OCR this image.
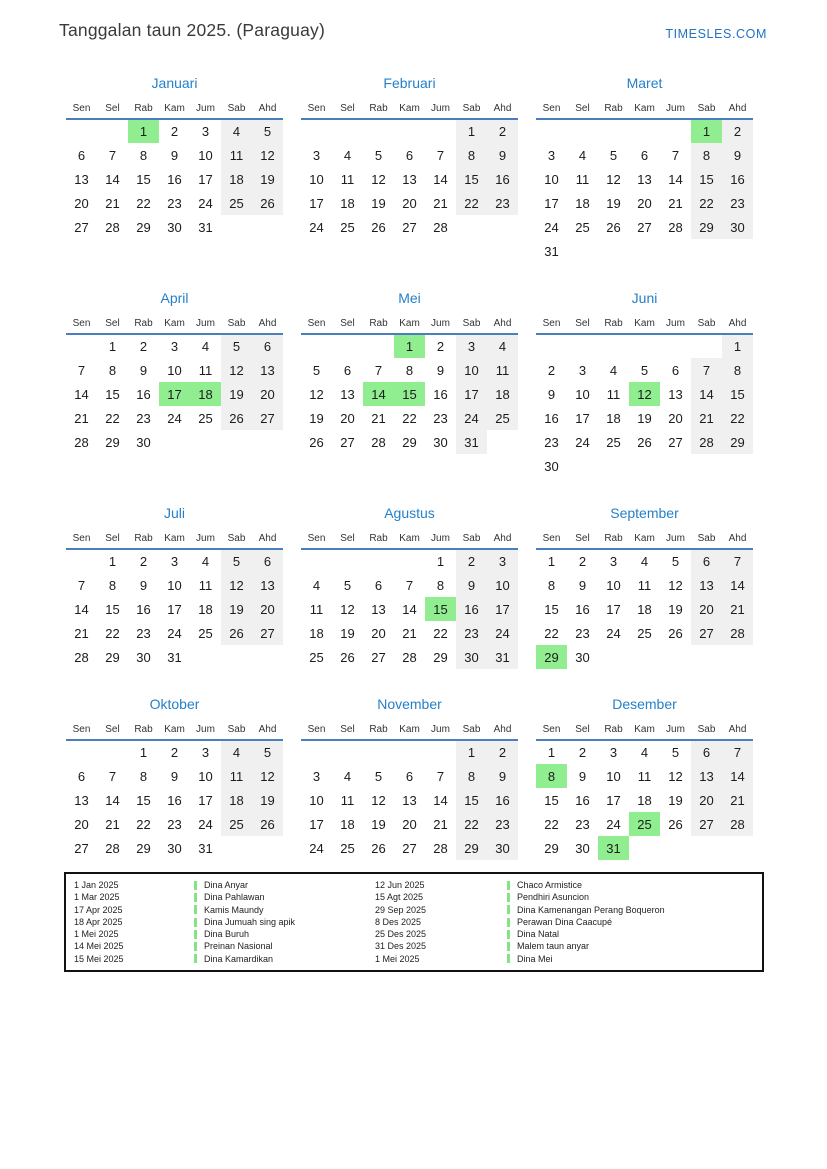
Tanggalan taun 2025. (Paraguay)	TIMESLES.COM
Januari
Sen	Sel	Rab	Kam	Jum	Sab	Ahd
		1	2	3	4	5
6	7	8	9	10	11	12
13	14	15	16	17	18	19
20	21	22	23	24	25	26
27	28	29	30	31		
Februari
Sen	Sel	Rab	Kam	Jum	Sab	Ahd
					1	2
3	4	5	6	7	8	9
10	11	12	13	14	15	16
17	18	19	20	21	22	23
24	25	26	27	28		
Maret
Sen	Sel	Rab	Kam	Jum	Sab	Ahd
					1	2
3	4	5	6	7	8	9
10	11	12	13	14	15	16
17	18	19	20	21	22	23
24	25	26	27	28	29	30
31						
April
Sen	Sel	Rab	Kam	Jum	Sab	Ahd
	1	2	3	4	5	6
7	8	9	10	11	12	13
14	15	16	17	18	19	20
21	22	23	24	25	26	27
28	29	30				
Mei
Sen	Sel	Rab	Kam	Jum	Sab	Ahd
			1	2	3	4
5	6	7	8	9	10	11
12	13	14	15	16	17	18
19	20	21	22	23	24	25
26	27	28	29	30	31	
Juni
Sen	Sel	Rab	Kam	Jum	Sab	Ahd
						1
2	3	4	5	6	7	8
9	10	11	12	13	14	15
16	17	18	19	20	21	22
23	24	25	26	27	28	29
30						
Juli
Sen	Sel	Rab	Kam	Jum	Sab	Ahd
	1	2	3	4	5	6
7	8	9	10	11	12	13
14	15	16	17	18	19	20
21	22	23	24	25	26	27
28	29	30	31			
Agustus
Sen	Sel	Rab	Kam	Jum	Sab	Ahd
				1	2	3
4	5	6	7	8	9	10
11	12	13	14	15	16	17
18	19	20	21	22	23	24
25	26	27	28	29	30	31
September
Sen	Sel	Rab	Kam	Jum	Sab	Ahd
1	2	3	4	5	6	7
8	9	10	11	12	13	14
15	16	17	18	19	20	21
22	23	24	25	26	27	28
29	30					
Oktober
Sen	Sel	Rab	Kam	Jum	Sab	Ahd
		1	2	3	4	5
6	7	8	9	10	11	12
13	14	15	16	17	18	19
20	21	22	23	24	25	26
27	28	29	30	31		
November
Sen	Sel	Rab	Kam	Jum	Sab	Ahd
					1	2
3	4	5	6	7	8	9
10	11	12	13	14	15	16
17	18	19	20	21	22	23
24	25	26	27	28	29	30
Desember
Sen	Sel	Rab	Kam	Jum	Sab	Ahd
1	2	3	4	5	6	7
8	9	10	11	12	13	14
15	16	17	18	19	20	21
22	23	24	25	26	27	28
29	30	31				
1 Jan 2025	Dina Anyar	12 Jun 2025	Chaco Armistice
1 Mar 2025	Dina Pahlawan	15 Agt 2025	Pendhiri Asuncion
17 Apr 2025	Kamis Maundy	29 Sep 2025	Dina Kamenangan Perang Boqueron
18 Apr 2025	Dina Jumuah sing apik	8 Des 2025	Perawan Dina Caacupé
1 Mei 2025	Dina Buruh	25 Des 2025	Dina Natal
14 Mei 2025	Preinan Nasional	31 Des 2025	Malem taun anyar
15 Mei 2025	Dina Kamardikan	1 Mei 2025	Dina Mei
